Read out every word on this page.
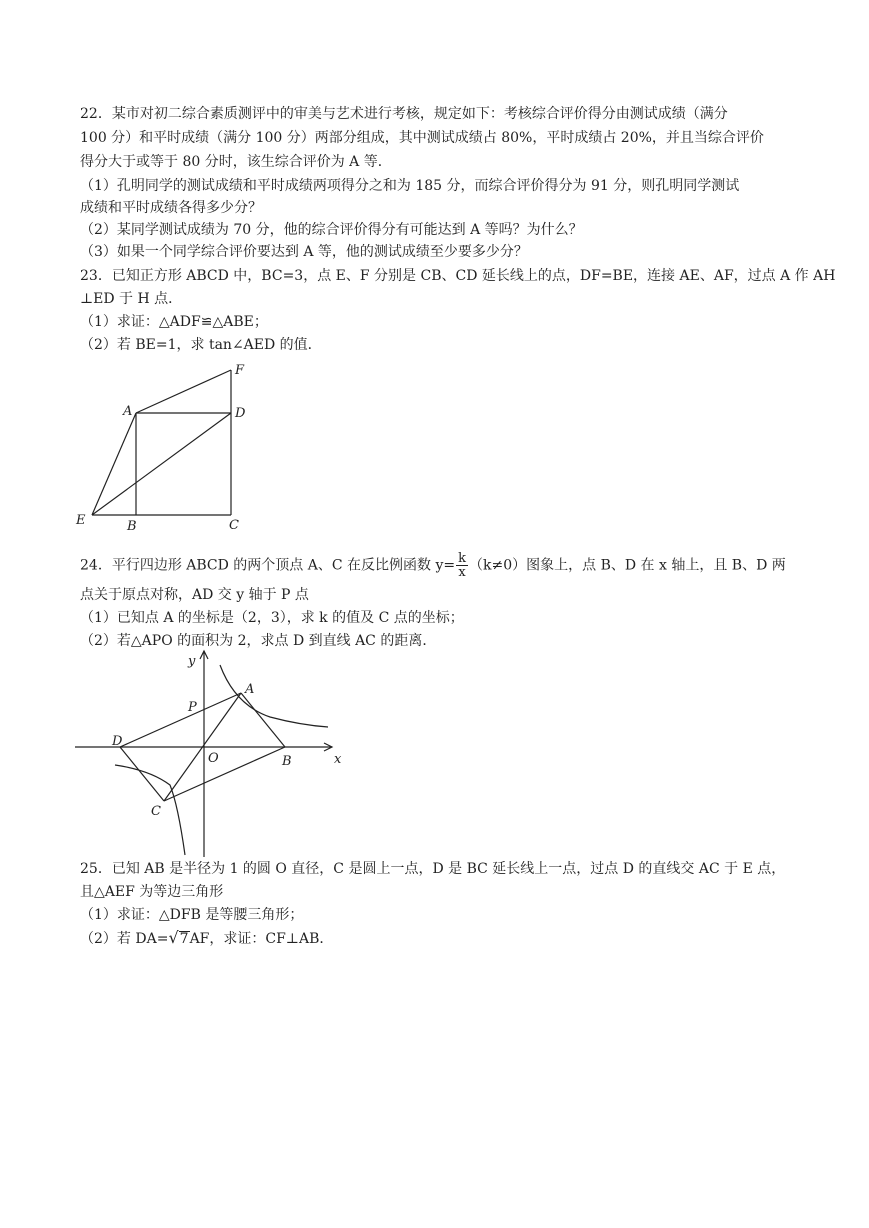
22．某市对初二综合素质测评中的审美与艺术进行考核，规定如下：考核综合评价得分由测试成绩（满分
100 分）和平时成绩（满分 100 分）两部分组成，其中测试成绩占 80%，平时成绩占 20%，并且当综合评价
得分大于或等于 80 分时，该生综合评价为 A 等．
（1）孔明同学的测试成绩和平时成绩两项得分之和为 185 分，而综合评价得分为 91 分，则孔明同学测试
成绩和平时成绩各得多少分？
（2）某同学测试成绩为 70 分，他的综合评价得分有可能达到 A 等吗？为什么？
（3）如果一个同学综合评价要达到 A 等，他的测试成绩至少要多少分？
23．已知正方形 ABCD 中，BC=3，点 E、F 分别是 CB、CD 延长线上的点，DF=BE，连接 AE、AF，过点 A 作 AH
⊥ED 于 H 点．
（1）求证：△ADF≌△ABE；
（2）若 BE=1，求 tan∠AED 的值．
F
A	D
E	B	C
24．平行四边形 ABCD 的两个顶点 A、C 在反比例函数 $y= \frac{k}{x} (k\ne 0)$图象上，点 B、D 在 x 轴上，且 B、D 两
点关于原点对称，AD 交 y 轴于 P 点
（1）已知点 A 的坐标是（2，3），求 k 的值及 C 点的坐标；
（2）若△APO 的面积为 2，求点 D 到直线 AC 的距离．
y
x
A
P
D
O	B
C
25．已知 AB 是半径为 1 的圆 O 直径，C 是圆上一点，D 是 BC 延长线上一点，过点 D 的直线交 AC 于 E 点，
且△AEF 为等边三角形
（1）求证：△DFB 是等腰三角形；
（2）若 DA=√7AF，求证：CF⊥AB．
